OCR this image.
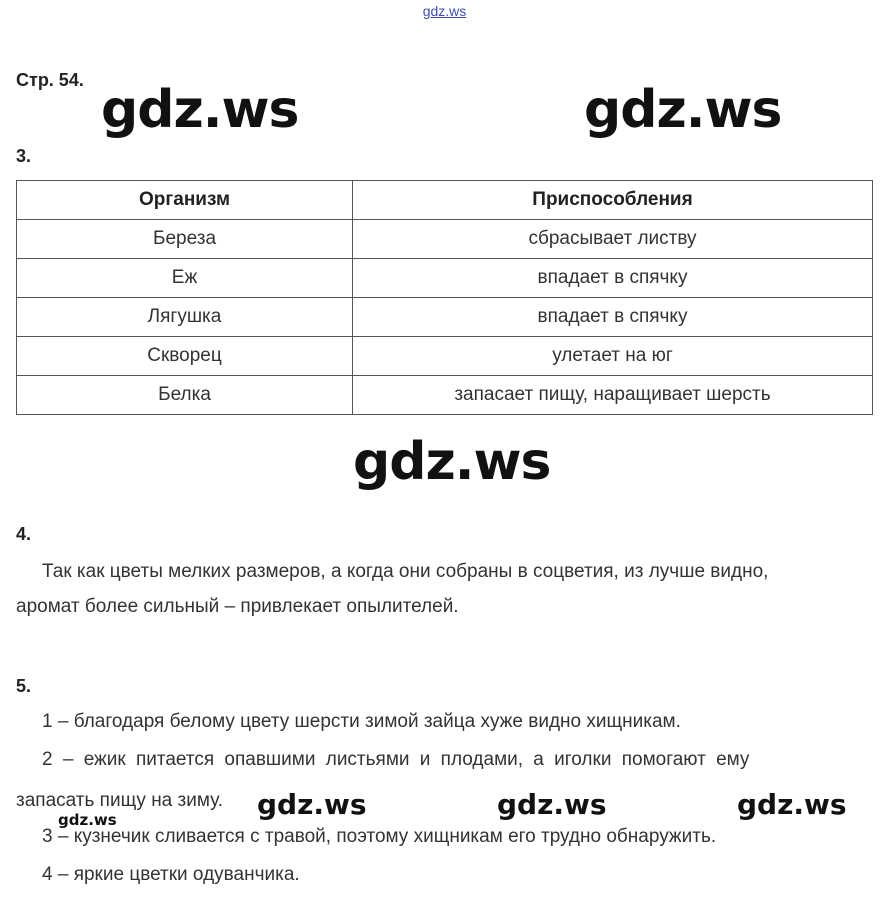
gdz.ws
Стр. 54. gdz.ws	gdz.ws
3.
Организм	Приспособления
Береза	сбрасывает листву
Еж	впадает в спячку
Лягушка	впадает в спячку
Скворец	улетает на юг
Белка	запасает пищу, наращивает шерсть
gdz.ws
4.
Так как цветы мелких размеров, а когда они собраны в соцветия, из лучше видно,
аромат более сильный – привлекает опылителей.
5.
1 – благодаря белому цвету шерсти зимой зайца хуже видно хищникам.
2 – ежик питается опавшими листьями и плодами, а иголки помогают ему
запасать пищу на зиму. gdz.ws	gdz.ws	gdz.ws
gdz.ws
3 – кузнечик сливается с травой, поэтому хищникам его трудно обнаружить.
4 – яркие цветки одуванчика.
